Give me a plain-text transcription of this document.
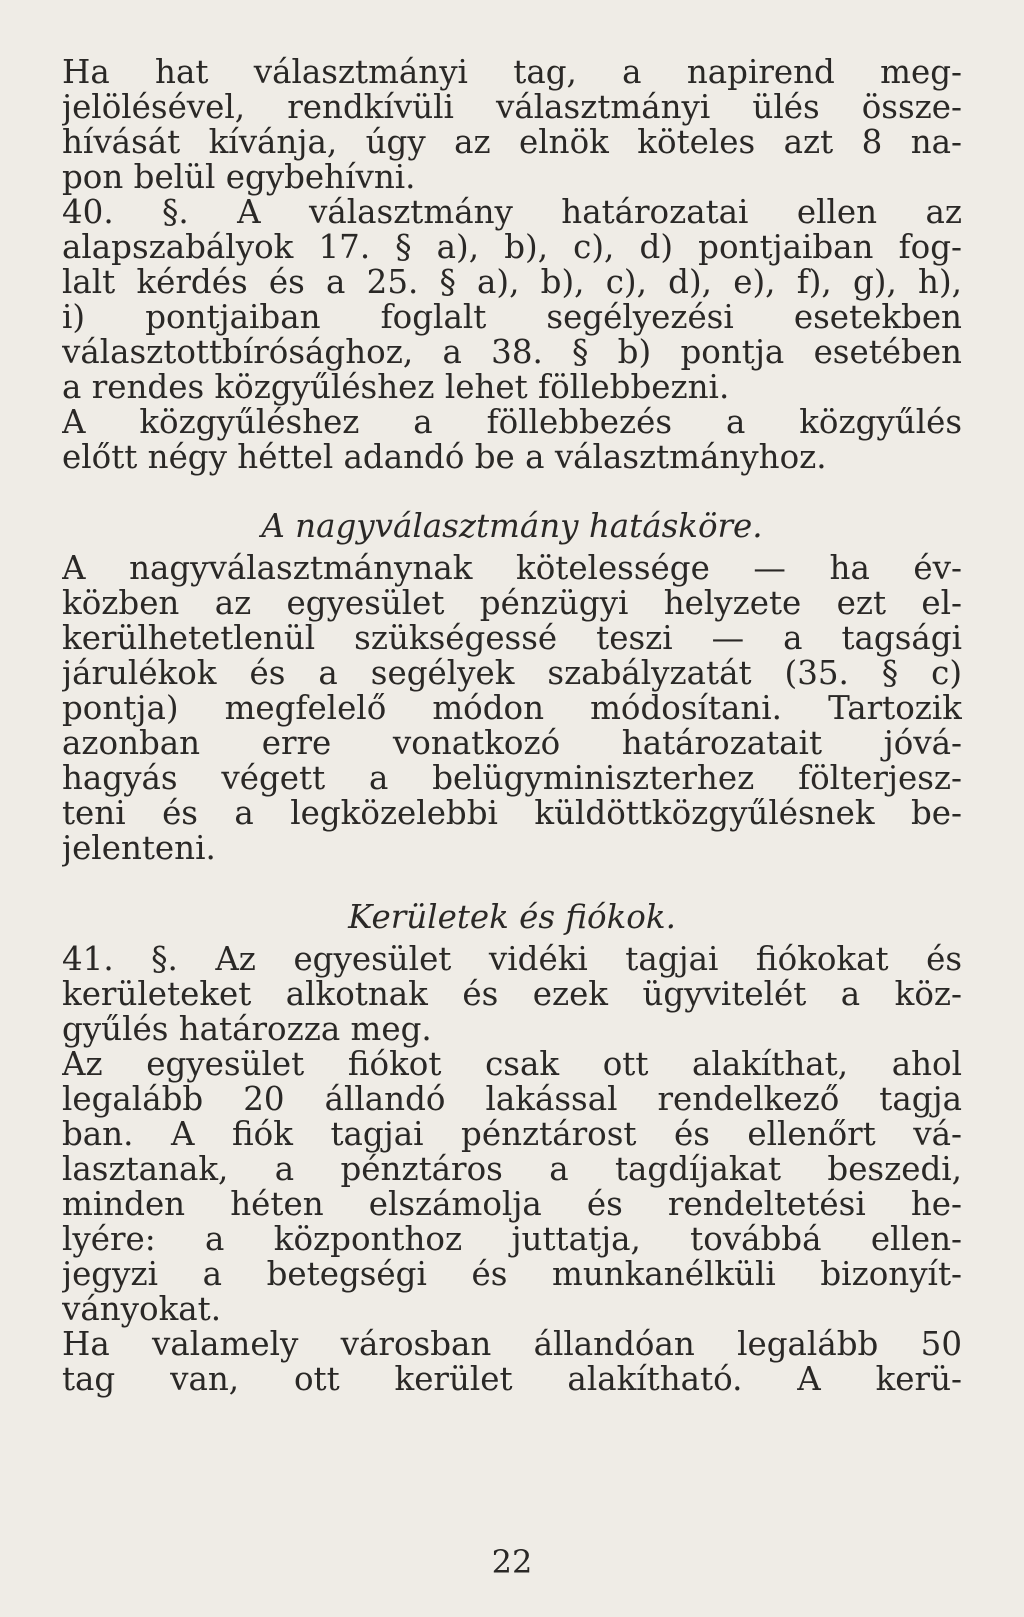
Ha hat választmányi tag, a napirend meg-
jelölésével, rendkívüli választmányi ülés össze-
hívását kívánja, úgy az elnök köteles azt 8 na-
pon belül egybehívni.
40. §. A választmány határozatai ellen az
alapszabályok 17. § a), b), c), d) pontjaiban fog-
lalt kérdés és a 25. § a), b), c), d), e), f), g), h),
i) pontjaiban foglalt segélyezési esetekben
választottbírósághoz, a 38. § b) pontja esetében
a rendes közgyűléshez lehet föllebbezni.
A közgyűléshez a föllebbezés a közgyűlés
előtt négy héttel adandó be a választmányhoz.
A nagyválasztmány hatásköre.
A nagyválasztmánynak kötelessége — ha év-
közben az egyesület pénzügyi helyzete ezt el-
kerülhetetlenül szükségessé teszi — a tagsági
járulékok és a segélyek szabályzatát (35. § c)
pontja) megfelelő módon módosítani. Tartozik
azonban erre vonatkozó határozatait jóvá-
hagyás végett a belügyminiszterhez fölterjesz-
teni és a legközelebbi küldöttközgyűlésnek be-
jelenteni.
Kerületek és fiókok.
41. §. Az egyesület vidéki tagjai fiókokat és
kerületeket alkotnak és ezek ügyvitelét a köz-
gyűlés határozza meg.
Az egyesület fiókot csak ott alakíthat, ahol
legalább 20 állandó lakással rendelkező tagja
ban. A fiók tagjai pénztárost és ellenőrt vá-
lasztanak, a pénztáros a tagdíjakat beszedi,
minden héten elszámolja és rendeltetési he-
lyére: a központhoz juttatja, továbbá ellen-
jegyzi a betegségi és munkanélküli bizonyít-
ványokat.
Ha valamely városban állandóan legalább 50
tag van, ott kerület alakítható. A kerü-
22
